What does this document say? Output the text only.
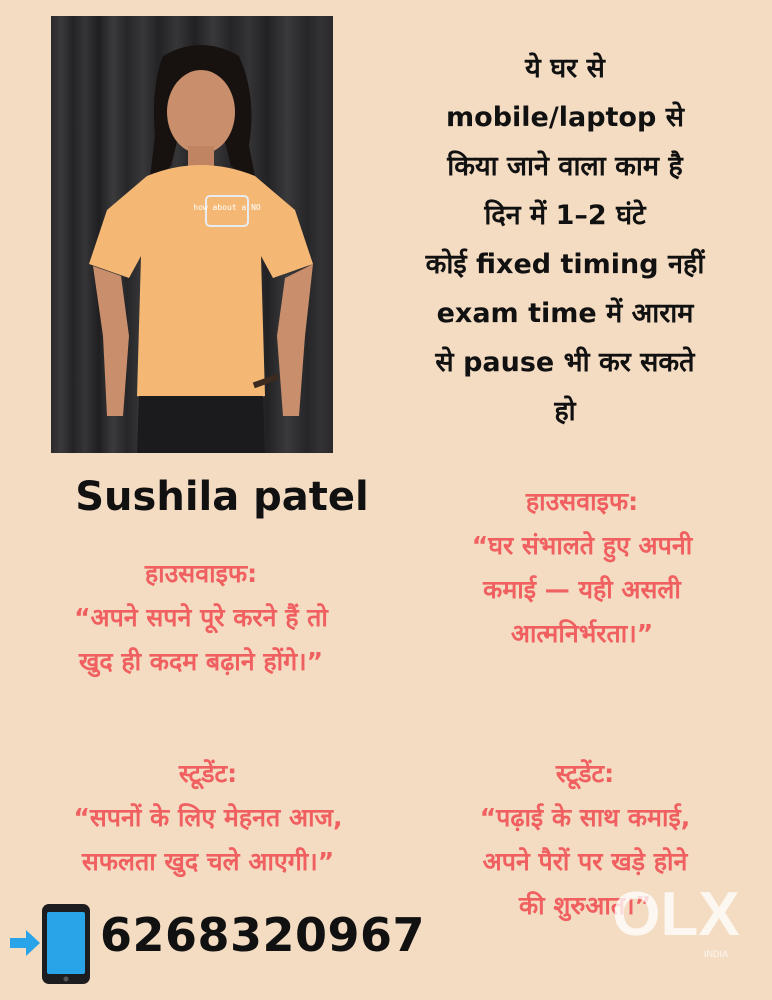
how about a NO
ये घर से
mobile/laptop से
किया जाने वाला काम है
दिन में 1–2 घंटे
कोई fixed timing नहीं
exam time में आराम
से pause भी कर सकते
हो
Sushila patel
हाउसवाइफ:
“अपने सपने पूरे करने हैं तो
खुद ही कदम बढ़ाने होंगे।”
हाउसवाइफ:
“घर संभालते हुए अपनी
कमाई — यही असली
आत्मनिर्भरता।”
स्टूडेंट:
“सपनों के लिए मेहनत आज,
सफलता खुद चले आएगी।”
स्टूडेंट:
“पढ़ाई के साथ कमाई,
अपने पैरों पर खड़े होने
की शुरुआत।”
6268320967	OLX
INDIA
